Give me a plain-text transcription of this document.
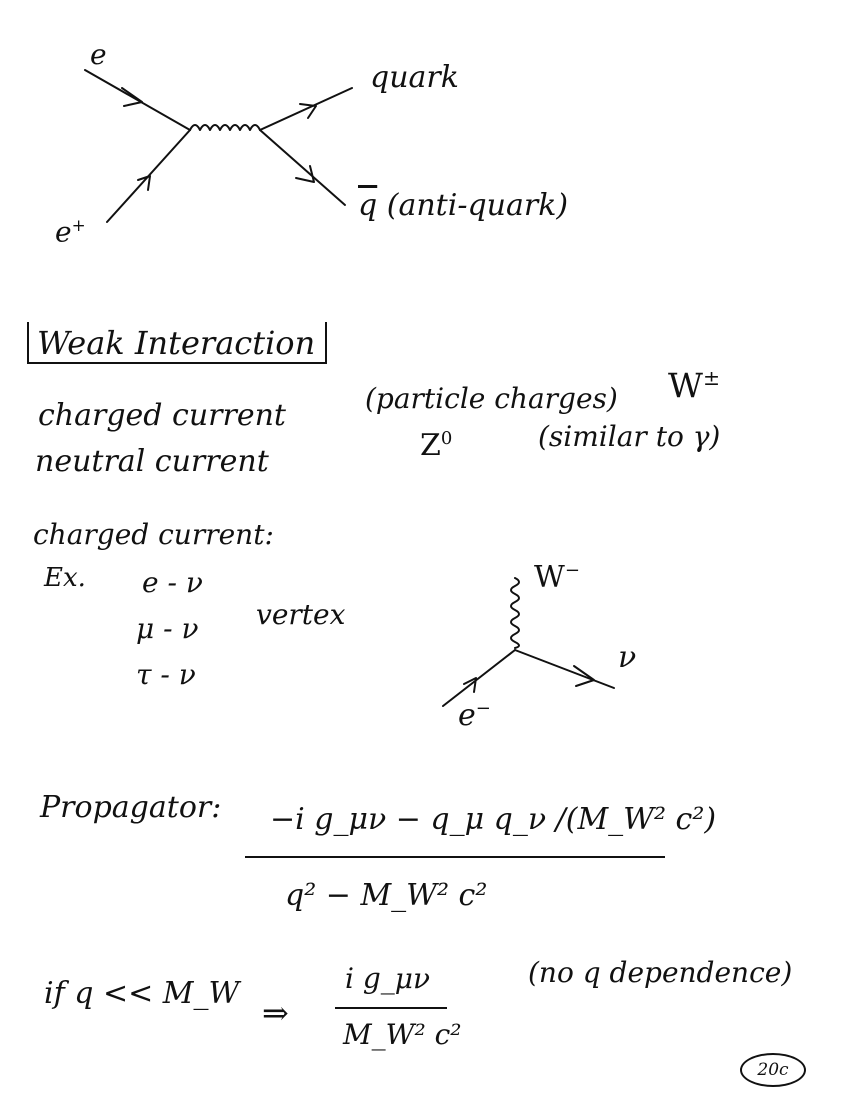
e
e+
quark
$\overline{q}$ (anti-quark)
Weak Interaction
charged current	(particle charges) W±
neutral current	$Z^0$	(similar to γ)
charged current:
Ex. e - ν
μ - ν vertex
τ - ν
W−
ν
e−
Propagator: −i g_μν − q_μ q_ν /(M_W² c²)
q² − M_W² c²
if q << M_W
⇒
i g_μν
M_W² c²
(no q dependence)
20c
